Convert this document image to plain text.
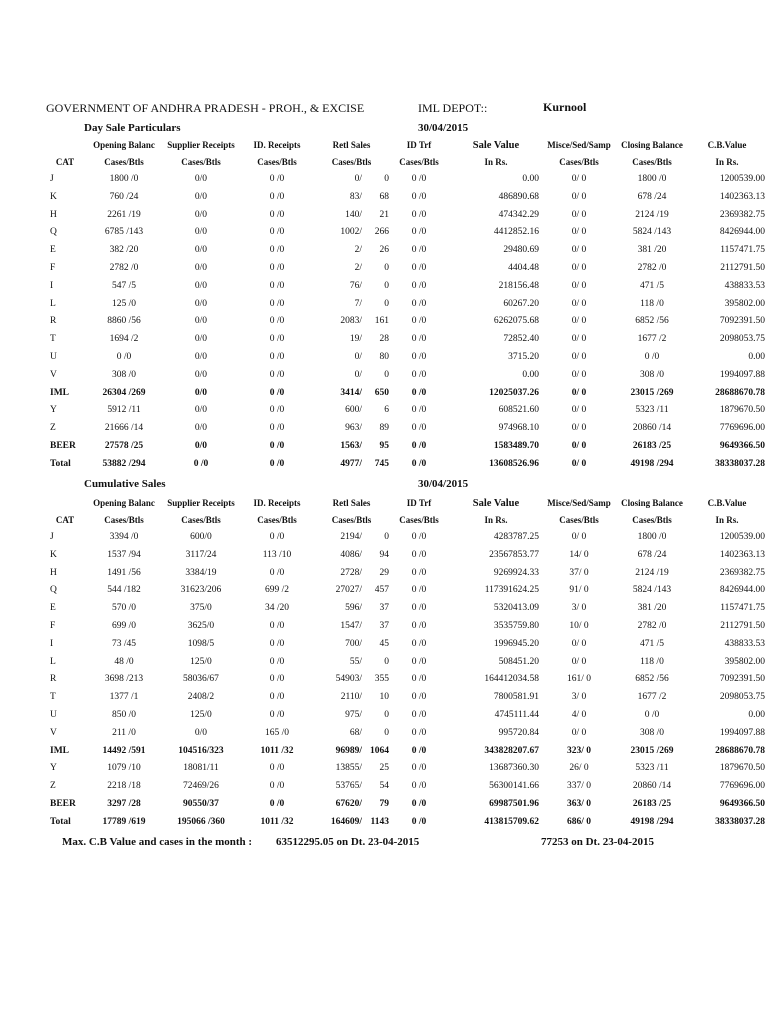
GOVERNMENT OF ANDHRA PRADESH - PROH., & EXCISE	IML DEPOT::	Kurnool
Day Sale Particulars	30/04/2015
	Opening Balanc	Supplier Receipts	ID. Receipts	Retl Sales		ID Trf	Sale Value	Misce/Sed/Samp	Closing Balance	C.B.Value
CAT	Cases/Btls	Cases/Btls	Cases/Btls	Cases/Btls		Cases/Btls	In Rs.	Cases/Btls	Cases/Btls	In Rs.
J	1800 /0	0/0	0 /0	0/	0	0 /0	0.00	0/ 0	1800 /0	1200539.00
K	760 /24	0/0	0 /0	83/	68	0 /0	486890.68	0/ 0	678 /24	1402363.13
H	2261 /19	0/0	0 /0	140/	21	0 /0	474342.29	0/ 0	2124 /19	2369382.75
Q	6785 /143	0/0	0 /0	1002/	266	0 /0	4412852.16	0/ 0	5824 /143	8426944.00
E	382 /20	0/0	0 /0	2/	26	0 /0	29480.69	0/ 0	381 /20	1157471.75
F	2782 /0	0/0	0 /0	2/	0	0 /0	4404.48	0/ 0	2782 /0	2112791.50
I	547 /5	0/0	0 /0	76/	0	0 /0	218156.48	0/ 0	471 /5	438833.53
L	125 /0	0/0	0 /0	7/	0	0 /0	60267.20	0/ 0	118 /0	395802.00
R	8860 /56	0/0	0 /0	2083/	161	0 /0	6262075.68	0/ 0	6852 /56	7092391.50
T	1694 /2	0/0	0 /0	19/	28	0 /0	72852.40	0/ 0	1677 /2	2098053.75
U	0 /0	0/0	0 /0	0/	80	0 /0	3715.20	0/ 0	0 /0	0.00
V	308 /0	0/0	0 /0	0/	0	0 /0	0.00	0/ 0	308 /0	1994097.88
IML	26304 /269	0/0	0 /0	3414/	650	0 /0	12025037.26	0/ 0	23015 /269	28688670.78
Y	5912 /11	0/0	0 /0	600/	6	0 /0	608521.60	0/ 0	5323 /11	1879670.50
Z	21666 /14	0/0	0 /0	963/	89	0 /0	974968.10	0/ 0	20860 /14	7769696.00
BEER	27578 /25	0/0	0 /0	1563/	95	0 /0	1583489.70	0/ 0	26183 /25	9649366.50
Total	53882 /294	0 /0	0 /0	4977/	745	0 /0	13608526.96	0/ 0	49198 /294	38338037.28
Cumulative Sales	30/04/2015
	Opening Balanc	Supplier Receipts	ID. Receipts	Retl Sales		ID Trf	Sale Value	Misce/Sed/Samp	Closing Balance	C.B.Value
CAT	Cases/Btls	Cases/Btls	Cases/Btls	Cases/Btls		Cases/Btls	In Rs.	Cases/Btls	Cases/Btls	In Rs.
J	3394 /0	600/0	0 /0	2194/	0	0 /0	4283787.25	0/ 0	1800 /0	1200539.00
K	1537 /94	3117/24	113 /10	4086/	94	0 /0	23567853.77	14/ 0	678 /24	1402363.13
H	1491 /56	3384/19	0 /0	2728/	29	0 /0	9269924.33	37/ 0	2124 /19	2369382.75
Q	544 /182	31623/206	699 /2	27027/	457	0 /0	117391624.25	91/ 0	5824 /143	8426944.00
E	570 /0	375/0	34 /20	596/	37	0 /0	5320413.09	3/ 0	381 /20	1157471.75
F	699 /0	3625/0	0 /0	1547/	37	0 /0	3535759.80	10/ 0	2782 /0	2112791.50
I	73 /45	1098/5	0 /0	700/	45	0 /0	1996945.20	0/ 0	471 /5	438833.53
L	48 /0	125/0	0 /0	55/	0	0 /0	508451.20	0/ 0	118 /0	395802.00
R	3698 /213	58036/67	0 /0	54903/	355	0 /0	164412034.58	161/ 0	6852 /56	7092391.50
T	1377 /1	2408/2	0 /0	2110/	10	0 /0	7800581.91	3/ 0	1677 /2	2098053.75
U	850 /0	125/0	0 /0	975/	0	0 /0	4745111.44	4/ 0	0 /0	0.00
V	211 /0	0/0	165 /0	68/	0	0 /0	995720.84	0/ 0	308 /0	1994097.88
IML	14492 /591	104516/323	1011 /32	96989/	1064	0 /0	343828207.67	323/ 0	23015 /269	28688670.78
Y	1079 /10	18081/11	0 /0	13855/	25	0 /0	13687360.30	26/ 0	5323 /11	1879670.50
Z	2218 /18	72469/26	0 /0	53765/	54	0 /0	56300141.66	337/ 0	20860 /14	7769696.00
BEER	3297 /28	90550/37	0 /0	67620/	79	0 /0	69987501.96	363/ 0	26183 /25	9649366.50
Total	17789 /619	195066 /360	1011 /32	164609/	1143	0 /0	413815709.62	686/ 0	49198 /294	38338037.28
Max. C.B Value and cases in the month : 63512295.05 on Dt. 23-04-2015	77253 on Dt. 23-04-2015
